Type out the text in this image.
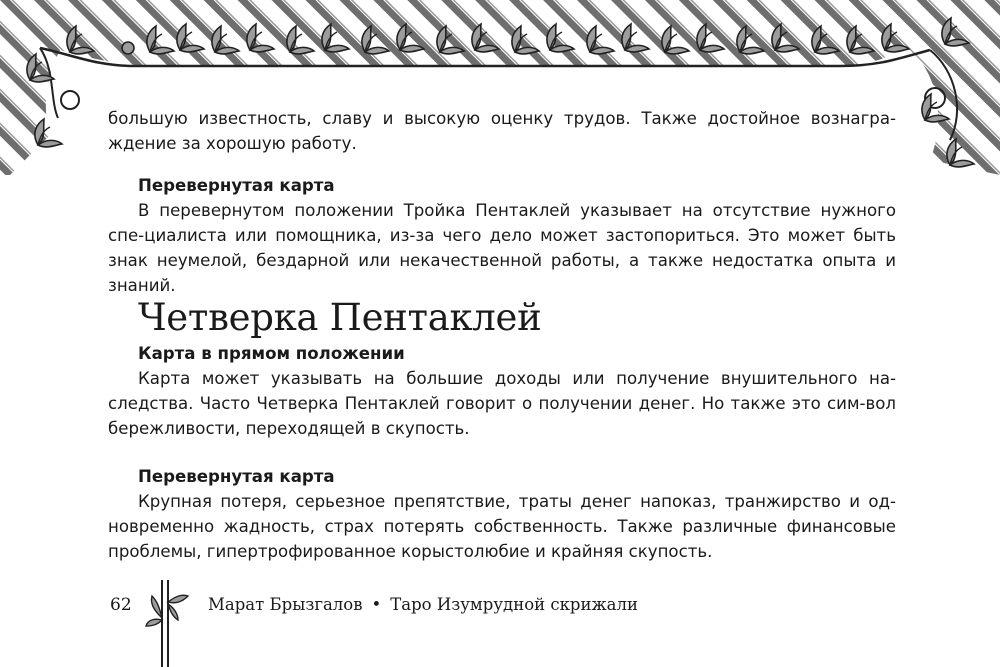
большую известность, славу и высокую оценку трудов. Также достойное вознагра-ждение за хорошую работу.

Перевернутая карта

В перевернутом положении Тройка Пентаклей указывает на отсутствие нужного спе-циалиста или помощника, из-за чего дело может застопориться. Это может быть знак неумелой, бездарной или некачественной работы, а также недостатка опыта и знаний.

Четверка Пентаклей

Карта в прямом положении

Карта может указывать на большие доходы или получение внушительного на-следства. Часто Четверка Пентаклей говорит о получении денег. Но также это сим-вол бережливости, переходящей в скупость.

Перевернутая карта

Крупная потеря, серьезное препятствие, траты денег напоказ, транжирство и од-новременно жадность, страх потерять собственность. Также различные финансовые проблемы, гипертрофированное корыстолюбие и крайняя скупость.

62	Марат Брызгалов • Таро Изумрудной скрижали
